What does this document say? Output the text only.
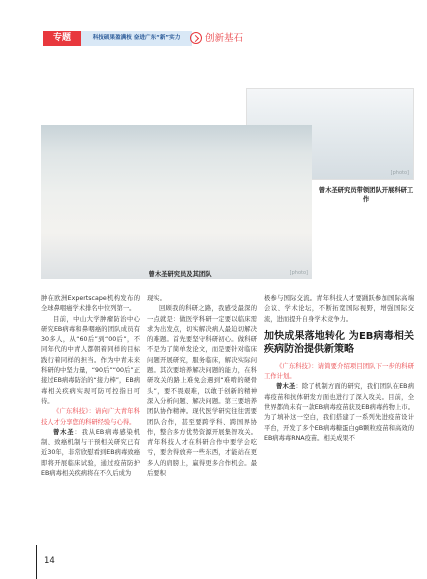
专题	科技硕果盈满枝 奋进广东“新”实力	创新基石
[photo]
曾木圣研究员带领团队开展科研工作
[photo]
曾木圣研究员及其团队

肿在欧洲Expertscape机构发布的全球鼻咽癌学术排名中位列第一。

目前，中山大学肿瘤防治中心研究EB病毒和鼻咽癌的团队成员有30多人，从“60后”到“00后”，不同年代的中青人都朝着同样的目标践行着同样的担当。作为中青未来科研的中坚力量，“90后”“00后”正接过EB病毒防治的“接力棒”，EB病毒相关疾病实现可防可控指日可待。

《广东科技》：请向广大青年科技人才分享您的科研经验与心得。

曾木圣：我从EB病毒感染机制、致癌机制与干预相关研究已有近30年，非常欣慰看到EB病毒致癌即将开展临床试验，通过疫苗防护EB病毒相关疾病将在不久后成为

现实。

回顾我的科研之路，我感受最深的一点就是：做医学科研一定要以临床需求为出发点，切实解决病人最迫切解决的难题。首先要坚守科研初心。做科研不是为了简单发论文，而是要针对临床问题开展研究，服务临床，解决实际问题。其次要培养解决问题的能力，在科研攻关的路上难免会遇到“难啃的硬骨头”，要不畏艰难，以敢于创新的精神深入分析问题、解决问题。第三要培养团队协作精神。现代医学研究往往需要团队合作，甚至要跨学科、跨国界协作，整合多方优势资源开展集智攻关。青年科技人才在科研合作中要学会吃亏，要舍得放弃一些东西，才能站在更多人的肩膀上，赢得更多合作机会。最后要积

极参与国际交流。青年科技人才要踊跃参加国际高端会议、学术论坛，不断拓宽国际视野，增强国际交流，进而提升自身学术竞争力。

加快成果落地转化 为EB病毒相关疾病防治提供新策略

《广东科技》：请简要介绍项目团队下一步的科研工作计划。

曾木圣：除了机制方面的研究，我们团队在EB病毒疫苗和抗体研发方面也进行了深入攻关。目前，全世界都尚未有一款EB病毒疫苗获及EB病毒药物上市。为了填补这一空白，我们搭建了一系列先进疫苗设计平台，开发了多个EB病毒糖蛋白gB颗粒疫苗和高效的EB病毒毒RNA疫苗。相关成果不

14
